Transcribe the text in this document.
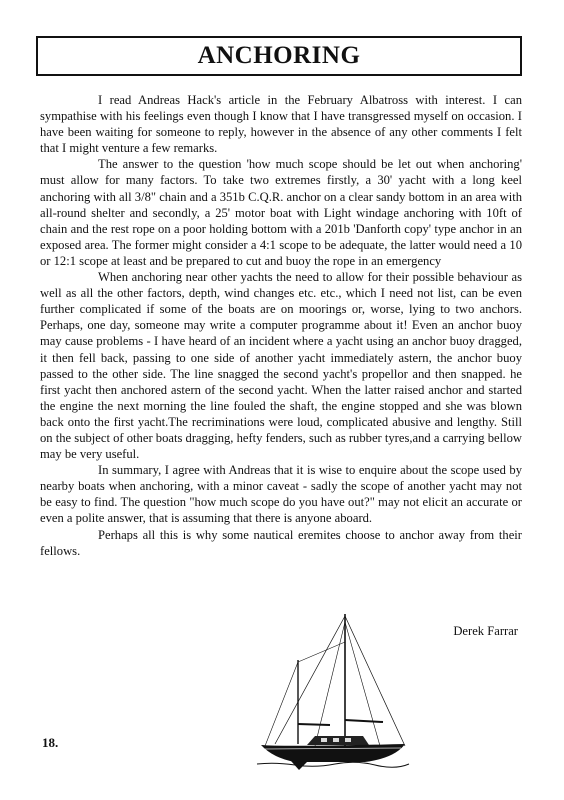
ANCHORING

I read Andreas Hack's article in the February Albatross with interest. I can sympathise with his feelings even though I know that I have transgressed myself on occasion. I have been waiting for someone to reply, however in the absence of any other comments I felt that I might venture a few remarks.

The answer to the question 'how much scope should be let out when anchoring' must allow for many factors. To take two extremes firstly, a 30' yacht with a long keel anchoring with all 3/8" chain and a 351b C.Q.R. anchor on a clear sandy bottom in an area with all-round shelter and secondly, a 25' motor boat with Light windage anchoring with 10ft of chain and the rest rope on a poor holding bottom with a 201b 'Danforth copy' type anchor in an exposed area. The former might consider a 4:1 scope to be adequate, the latter would need a 10 or 12:1 scope at least and be prepared to cut and buoy the rope in an emergency

When anchoring near other yachts the need to allow for their possible behaviour as well as all the other factors, depth, wind changes etc. etc., which I need not list, can be even further complicated if some of the boats are on moorings or, worse, lying to two anchors. Perhaps, one day, someone may write a computer programme about it! Even an anchor buoy may cause problems - I have heard of an incident where a yacht using an anchor buoy dragged, it then fell back, passing to one side of another yacht immediately astern, the anchor buoy passed to the other side. The line snagged the second yacht's propellor and then snapped. he first yacht then anchored astern of the second yacht. When the latter raised anchor and started the engine the next morning the line fouled the shaft, the engine stopped and she was blown back onto the first yacht.The recriminations were loud, complicated abusive and lengthy. Still on the subject of other boats dragging, hefty fenders, such as rubber tyres,and a carrying bellow may be very useful.

In summary, I agree with Andreas that it is wise to enquire about the scope used by nearby boats when anchoring, with a minor caveat - sadly the scope of another yacht may not be easy to find. The question "how much scope do you have out?" may not elicit an accurate or even a polite answer, that is assuming that there is anyone aboard.

Perhaps all this is why some nautical eremites choose to anchor away from their fellows.

Derek Farrar
18.
